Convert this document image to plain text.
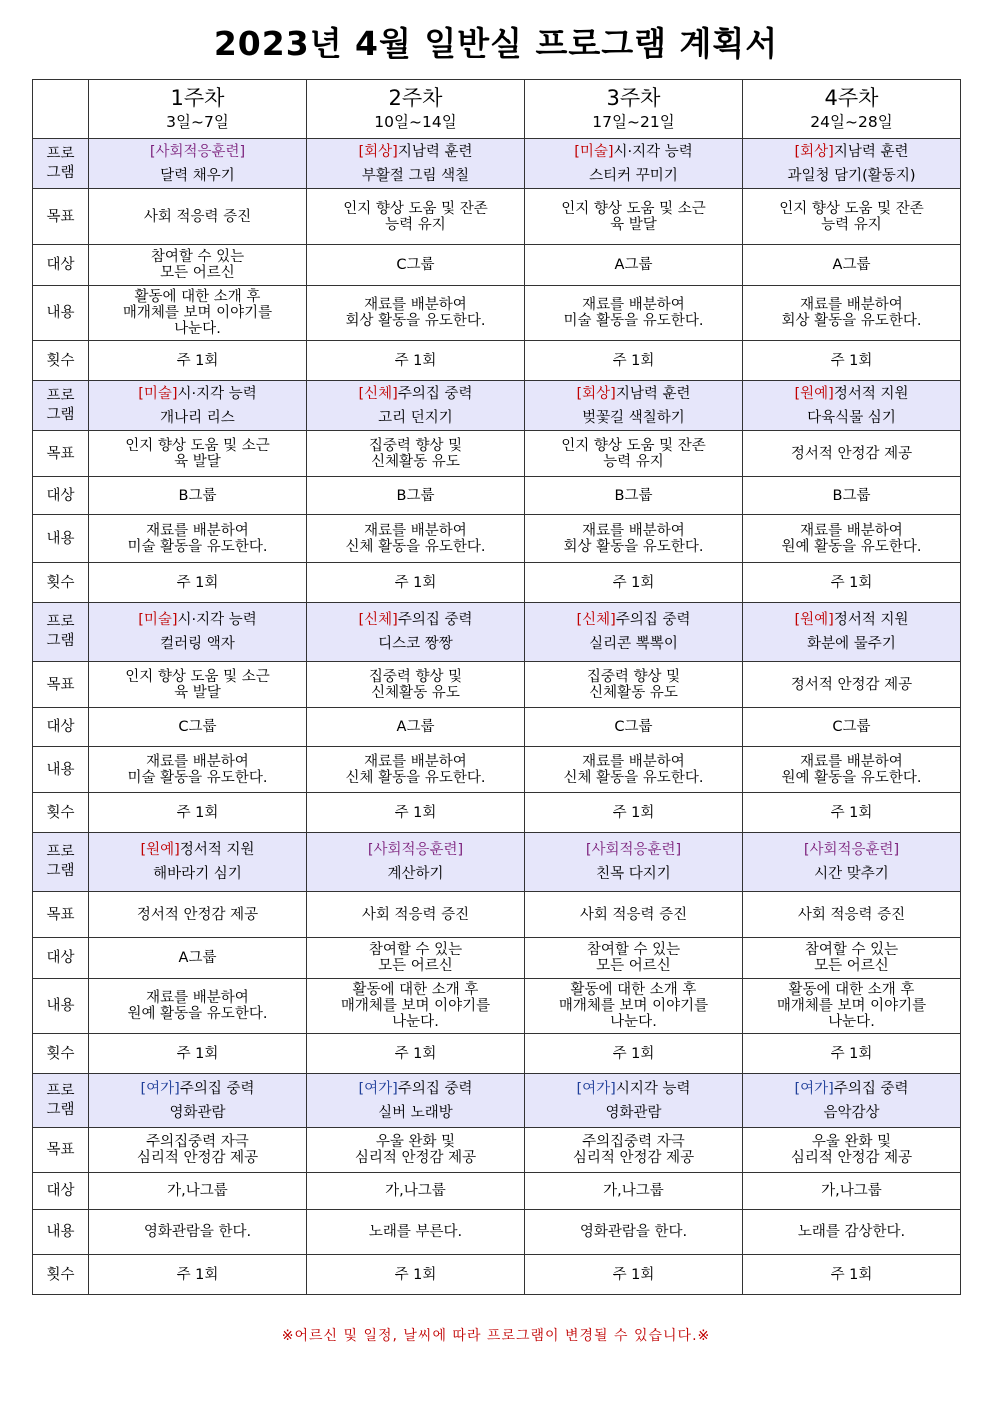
2023년 4월 일반실 프로그램 계획서

	1주차
3일~7일	2주차
10일~14일	3주차
17일~21일	4주차
24일~28일

프로
그램	[사회적응훈련]
달력 채우기	[회상]지남력 훈련
부활절 그림 색칠	[미술]시·지각 능력
스티커 꾸미기	[회상]지남력 훈련
과일청 담기(활동지)

목표	사회 적응력 증진	인지 향상 도움 및 잔존
능력 유지	인지 향상 도움 및 소근
육 발달	인지 향상 도움 및 잔존
능력 유지
대상	참여할 수 있는
모든 어르신	C그룹	A그룹	A그룹
내용	활동에 대한 소개 후
매개체를 보며 이야기를
나눈다.	재료를 배분하여
회상 활동을 유도한다.	재료를 배분하여
미술 활동을 유도한다.	재료를 배분하여
회상 활동을 유도한다.
횟수	주 1회	주 1회	주 1회	주 1회
프로
그램	[미술]시·지각 능력
개나리 리스	[신체]주의집 중력
고리 던지기	[회상]지남력 훈련
벚꽃길 색칠하기	[원예]정서적 지원
다육식물 심기

목표	인지 향상 도움 및 소근
육 발달	집중력 향상 및
신체활동 유도	인지 향상 도움 및 잔존
능력 유지	정서적 안정감 제공
대상	B그룹	B그룹	B그룹	B그룹
내용	재료를 배분하여
미술 활동을 유도한다.	재료를 배분하여
신체 활동을 유도한다.	재료를 배분하여
회상 활동을 유도한다.	재료를 배분하여
원예 활동을 유도한다.
횟수	주 1회	주 1회	주 1회	주 1회
프로
그램	[미술]시·지각 능력
컬러링 액자	[신체]주의집 중력
디스코 짱짱	[신체]주의집 중력
실리콘 뽁뽁이	[원예]정서적 지원
화분에 물주기

목표	인지 향상 도움 및 소근
육 발달	집중력 향상 및
신체활동 유도	집중력 향상 및
신체활동 유도	정서적 안정감 제공
대상	C그룹	A그룹	C그룹	C그룹
내용	재료를 배분하여
미술 활동을 유도한다.	재료를 배분하여
신체 활동을 유도한다.	재료를 배분하여
신체 활동을 유도한다.	재료를 배분하여
원예 활동을 유도한다.
횟수	주 1회	주 1회	주 1회	주 1회
프로
그램	[원예]정서적 지원
해바라기 심기	[사회적응훈련]
계산하기	[사회적응훈련]
친목 다지기	[사회적응훈련]
시간 맞추기

목표	정서적 안정감 제공	사회 적응력 증진	사회 적응력 증진	사회 적응력 증진
대상	A그룹	참여할 수 있는
모든 어르신	참여할 수 있는
모든 어르신	참여할 수 있는
모든 어르신
내용	재료를 배분하여
원예 활동을 유도한다.	활동에 대한 소개 후
매개체를 보며 이야기를
나눈다.	활동에 대한 소개 후
매개체를 보며 이야기를
나눈다.	활동에 대한 소개 후
매개체를 보며 이야기를
나눈다.
횟수	주 1회	주 1회	주 1회	주 1회
프로
그램	[여가]주의집 중력
영화관람	[여가]주의집 중력
실버 노래방	[여가]시지각 능력
영화관람	[여가]주의집 중력
음악감상

목표	주의집중력 자극
심리적 안정감 제공	우울 완화 및
심리적 안정감 제공	주의집중력 자극
심리적 안정감 제공	우울 완화 및
심리적 안정감 제공
대상	가,나그룹	가,나그룹	가,나그룹	가,나그룹
내용	영화관람을 한다.	노래를 부른다.	영화관람을 한다.	노래를 감상한다.
횟수	주 1회	주 1회	주 1회	주 1회
※어르신 및 일정, 날씨에 따라 프로그램이 변경될 수 있습니다.※
